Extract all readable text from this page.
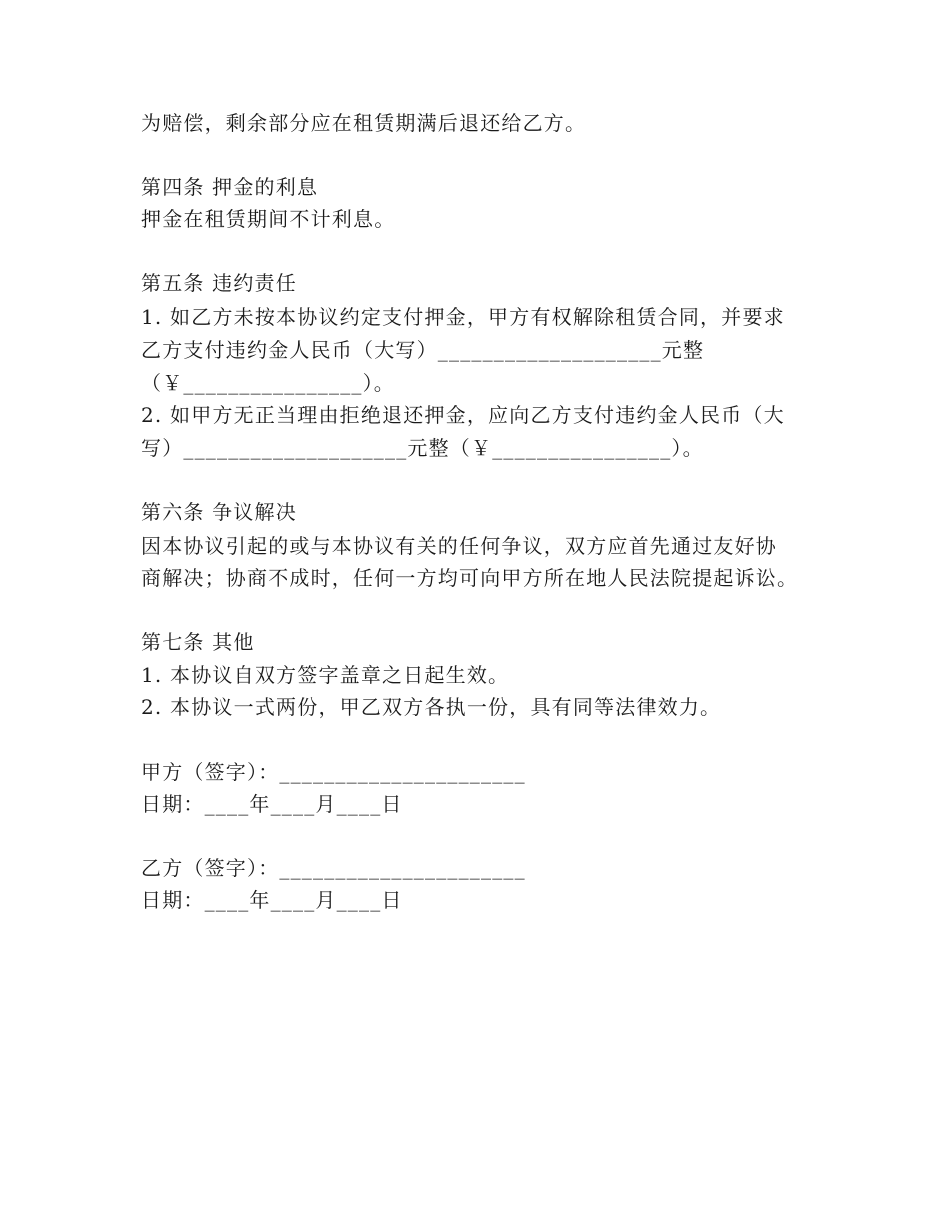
为赔偿，剩余部分应在租赁期满后退还给乙方。
第四条 押金的利息
押金在租赁期间不计利息。
第五条 违约责任
1. 如乙方未按本协议约定支付押金，甲方有权解除租赁合同，并要求
乙方支付违约金人民币（大写）____________________元整
（￥________________）。
2. 如甲方无正当理由拒绝退还押金，应向乙方支付违约金人民币（大
写）____________________元整（￥________________）。
第六条 争议解决
因本协议引起的或与本协议有关的任何争议，双方应首先通过友好协
商解决；协商不成时，任何一方均可向甲方所在地人民法院提起诉讼。
第七条 其他
1. 本协议自双方签字盖章之日起生效。
2. 本协议一式两份，甲乙双方各执一份，具有同等法律效力。
甲方（签字）：______________________
日期：____年____月____日
乙方（签字）：______________________
日期：____年____月____日
